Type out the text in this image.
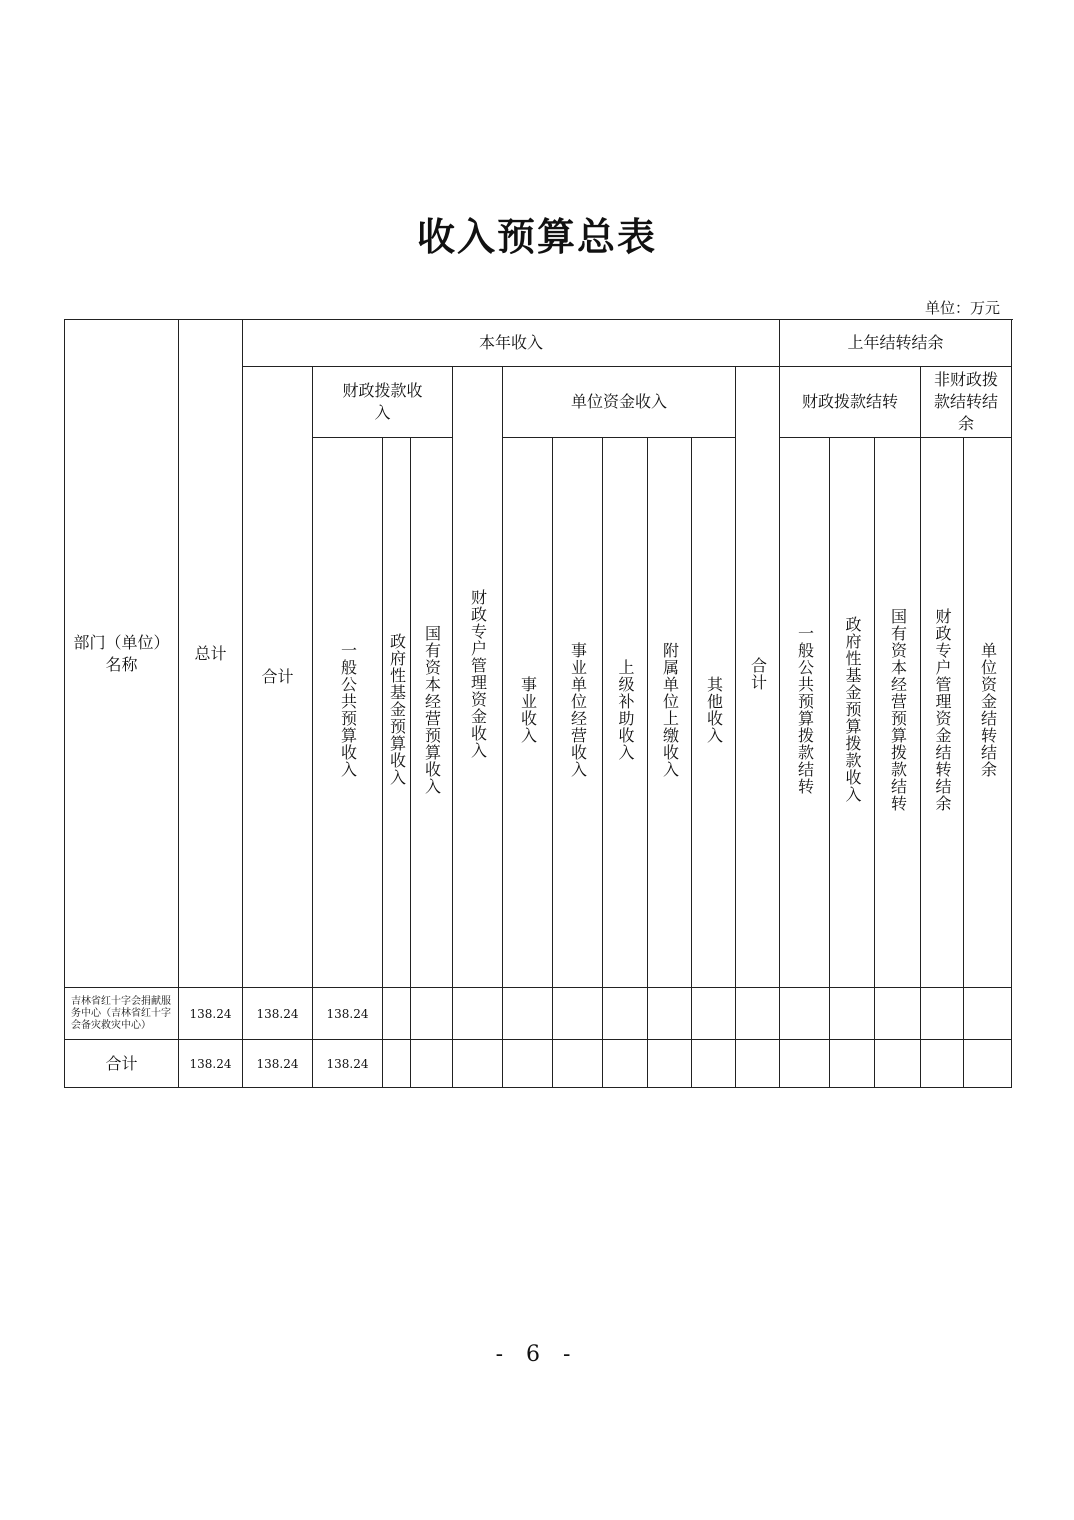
收入预算总表
单位：万元
部门（单位）名称	总计	本年收入											上年结转结余				
		合计	财政拨款收入			财政专户管理资金收入	单位资金收入					合计	财政拨款结转			非财政拨款结转结余	
			一般公共预算收入	政府性基金预算收入	国有资本经营预算收入		事业收入	事业单位经营收入	上级补助收入	附属单位上缴收入	其他收入		一般公共预算拨款结转	政府性基金预算拨款收入	国有资本经营预算拨款结转	财政专户管理资金结转结余	单位资金结转结余
吉林省红十字会捐献服务中心（吉林省红十字会备灾救灾中心）	138.24	138.24	138.24														
合计	138.24	138.24	138.24														
- 6 -
